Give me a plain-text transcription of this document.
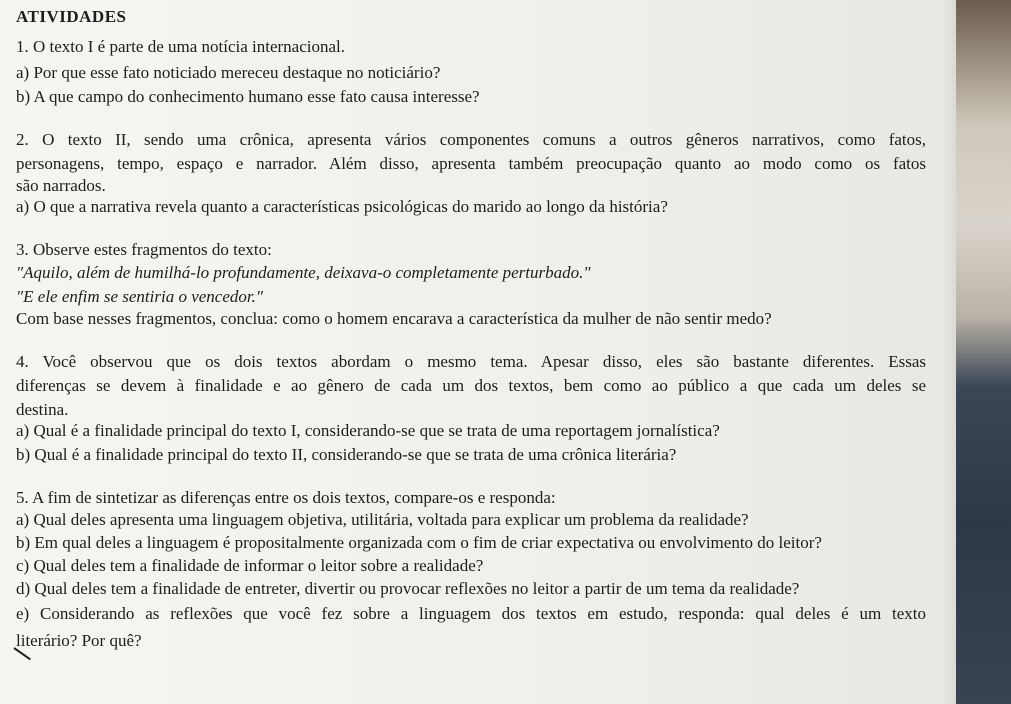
ATIVIDADES
1. O texto I é parte de uma notícia internacional.
a) Por que esse fato noticiado mereceu destaque no noticiário?
b) A que campo do conhecimento humano esse fato causa interesse?
2. O texto II, sendo uma crônica, apresenta vários componentes comuns a outros gêneros narrativos, como fatos,
personagens, tempo, espaço e narrador. Além disso, apresenta também preocupação quanto ao modo como os fatos
são narrados.
a) O que a narrativa revela quanto a características psicológicas do marido ao longo da história?
3. Observe estes fragmentos do texto:
"Aquilo, além de humilhá-lo profundamente, deixava-o completamente perturbado."
"E ele enfim se sentiria o vencedor."
Com base nesses fragmentos, conclua: como o homem encarava a característica da mulher de não sentir medo?
4. Você observou que os dois textos abordam o mesmo tema. Apesar disso, eles são bastante diferentes. Essas
diferenças se devem à finalidade e ao gênero de cada um dos textos, bem como ao público a que cada um deles se
destina.
a) Qual é a finalidade principal do texto I, considerando-se que se trata de uma reportagem jornalística?
b) Qual é a finalidade principal do texto II, considerando-se que se trata de uma crônica literária?
5. A fim de sintetizar as diferenças entre os dois textos, compare-os e responda:
a) Qual deles apresenta uma linguagem objetiva, utilitária, voltada para explicar um problema da realidade?
b) Em qual deles a linguagem é propositalmente organizada com o fim de criar expectativa ou envolvimento do leitor?
c) Qual deles tem a finalidade de informar o leitor sobre a realidade?
d) Qual deles tem a finalidade de entreter, divertir ou provocar reflexões no leitor a partir de um tema da realidade?
e) Considerando as reflexões que você fez sobre a linguagem dos textos em estudo, responda: qual deles é um texto
literário? Por quê?
